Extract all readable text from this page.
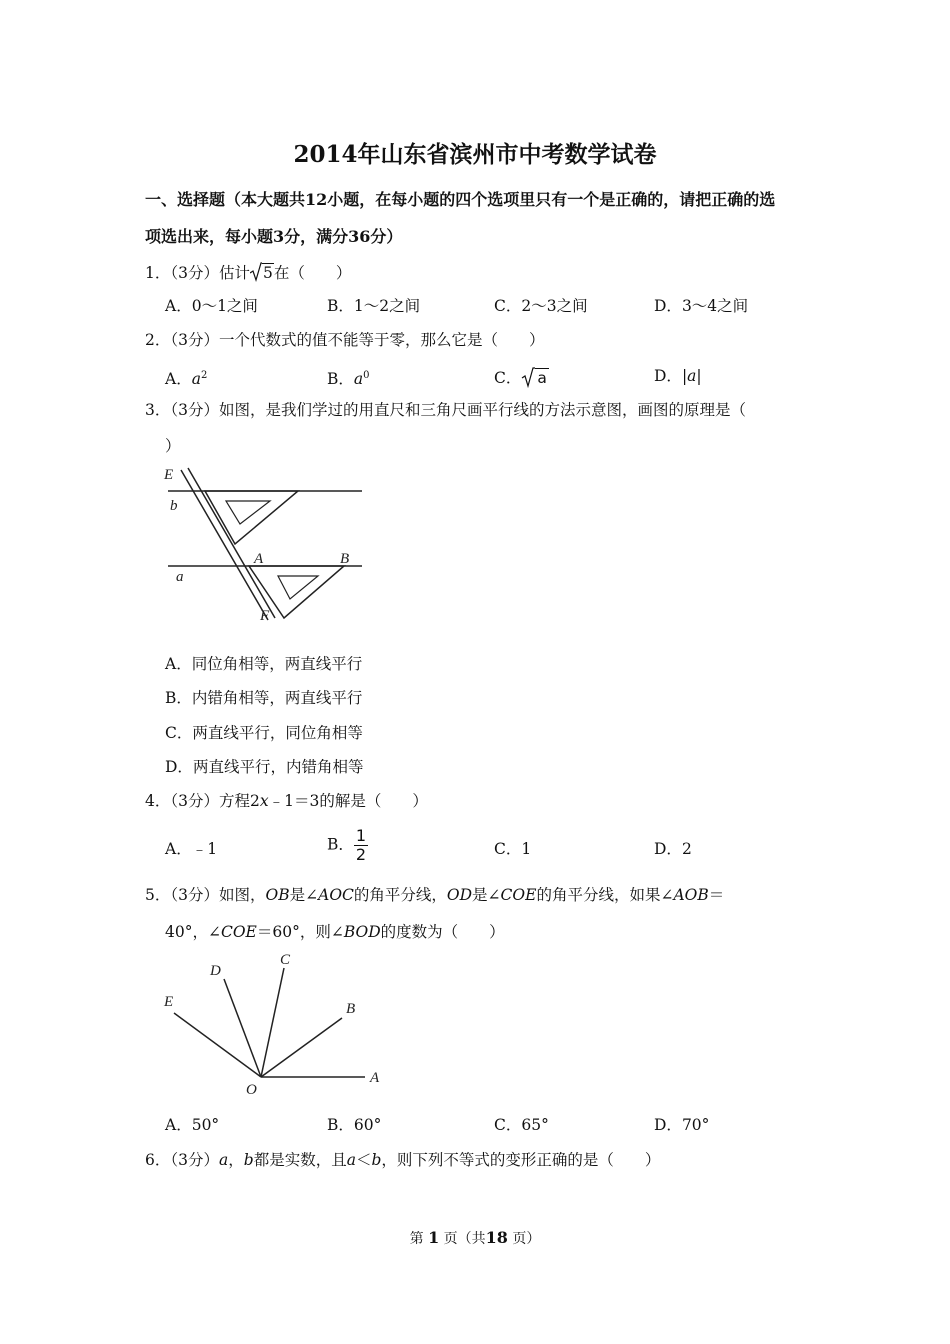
2014年山东省滨州市中考数学试卷
一、选择题（本大题共12小题，在每小题的四个选项里只有一个是正确的，请把正确的选
项选出来，每小题3分，满分36分）
1．（3分）估计 5在（　　）
A．0～1之间	B．1～2之间	C．2～3之间	D．3～4之间
2．（3分）一个代数式的值不能等于零，那么它是（　　）
A．$a^2$	B．$a^0$	C． a	D．|a|
3．（3分）如图，是我们学过的用直尺和三角尺画平行线的方法示意图，画图的原理是（
）
E
b
a
A	B
F
A．同位角相等，两直线平行
B．内错角相等，两直线平行
C．两直线平行，同位角相等
D．两直线平行，内错角相等
4．（3分）方程2x﹣1＝3的解是（　　）
A．﹣1	B． $\frac{1}{2}$	C．1	D．2
5．（3分）如图，OB是∠AOC的角平分线，OD是∠COE的角平分线，如果∠AOB＝
40°，∠COE＝60°，则∠BOD的度数为（　　）
D
C
E	B
O
A
A．50°	B．60°	C．65°	D．70°
6．（3分）a，b都是实数，且a＜b，则下列不等式的变形正确的是（　　）
第 1 页（共18 页）
